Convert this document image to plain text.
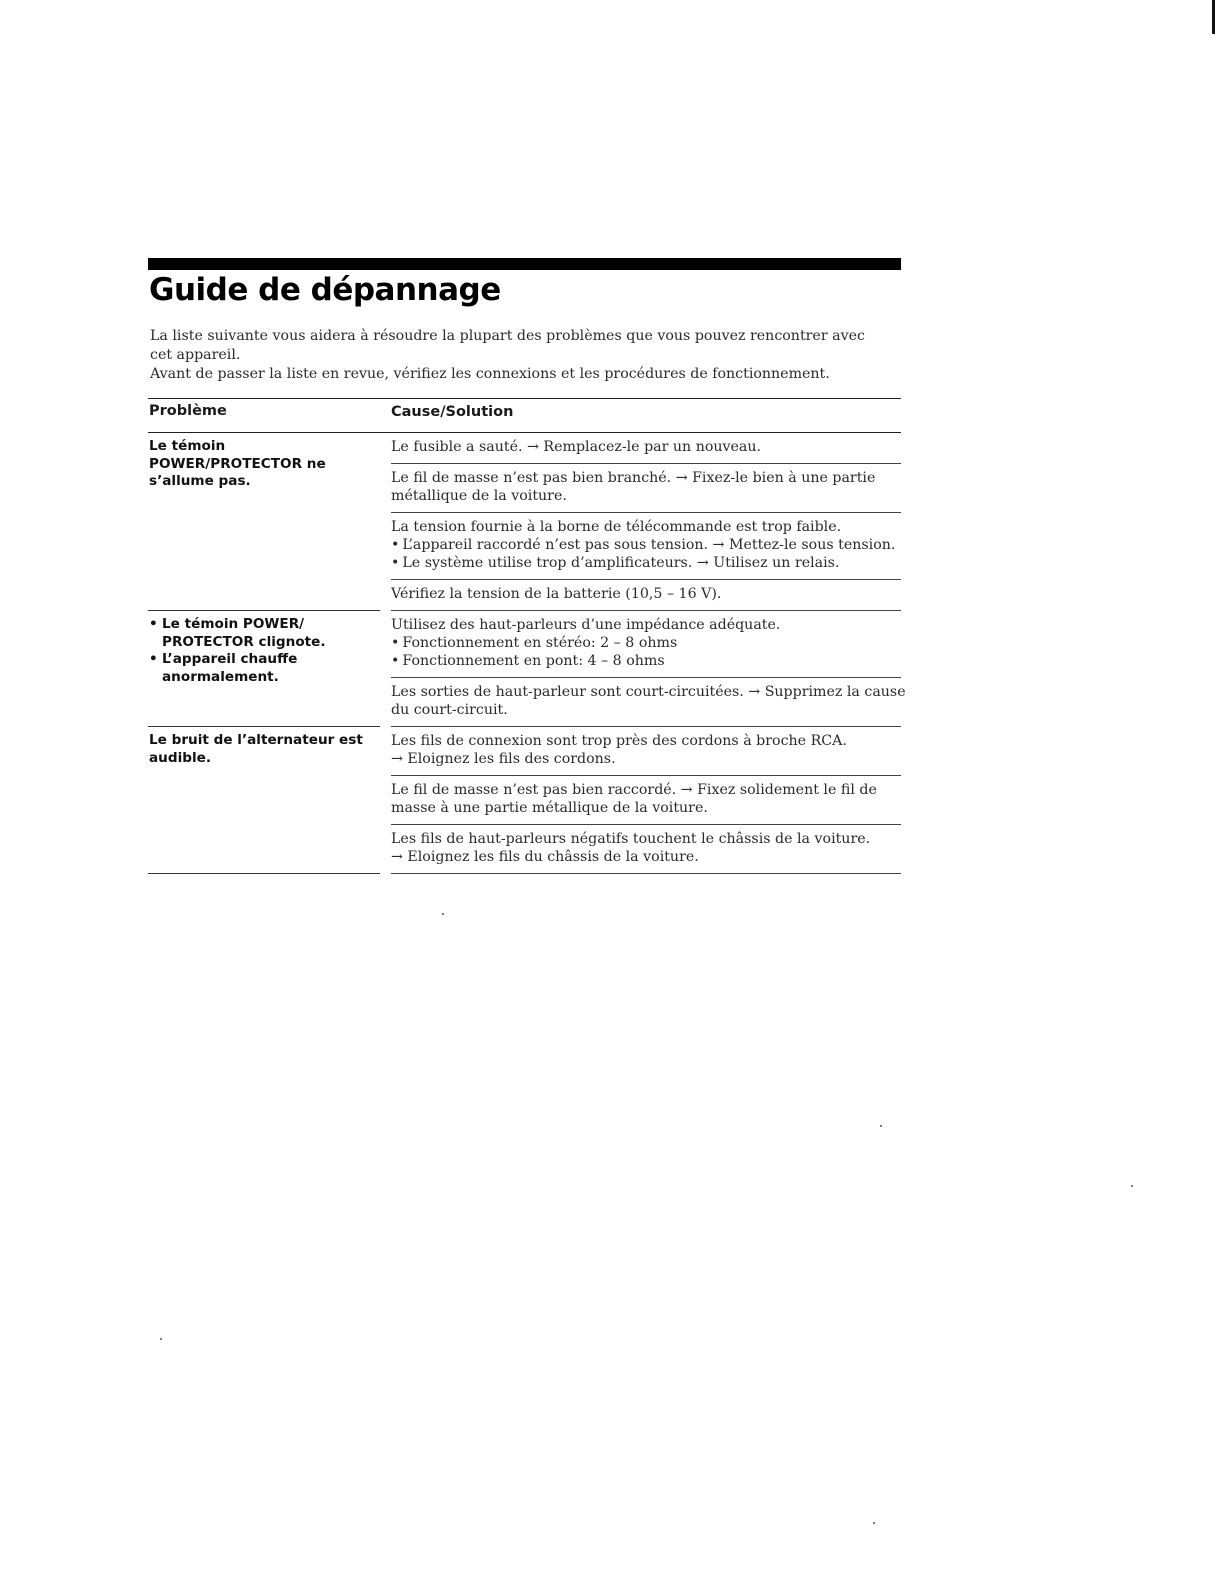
Guide de dépannage

La liste suivante vous aidera à résoudre la plupart des problèmes que vous pouvez rencontrer avec cet appareil.

Avant de passer la liste en revue, vérifiez les connexions et les procédures de fonctionnement.

Problème	Cause/Solution
Le témoin POWER/PROTECTOR ne s’allume pas.
Le fusible a sauté. → Remplacez-le par un nouveau.
Le fil de masse n’est pas bien branché. → Fixez-le bien à une partie
métallique de la voiture.
La tension fournie à la borne de télécommande est trop faible.
• L’appareil raccordé n’est pas sous tension. → Mettez-le sous tension.
• Le système utilise trop d’amplificateurs. → Utilisez un relais.
Vérifiez la tension de la batterie (10,5 – 16 V).
• Le témoin POWER/ PROTECTOR clignote.
• L’appareil chauffe anormalement.
Utilisez des haut-parleurs d’une impédance adéquate.
• Fonctionnement en stéréo: 2 – 8 ohms
• Fonctionnement en pont: 4 – 8 ohms
Les sorties de haut-parleur sont court-circuitées. → Supprimez la cause
du court-circuit.
Le bruit de l’alternateur est audible.
Les fils de connexion sont trop près des cordons à broche RCA.
→ Eloignez les fils des cordons.
Le fil de masse n’est pas bien raccordé. → Fixez solidement le fil de
masse à une partie métallique de la voiture.
Les fils de haut-parleurs négatifs touchent le châssis de la voiture.
→ Eloignez les fils du châssis de la voiture.
